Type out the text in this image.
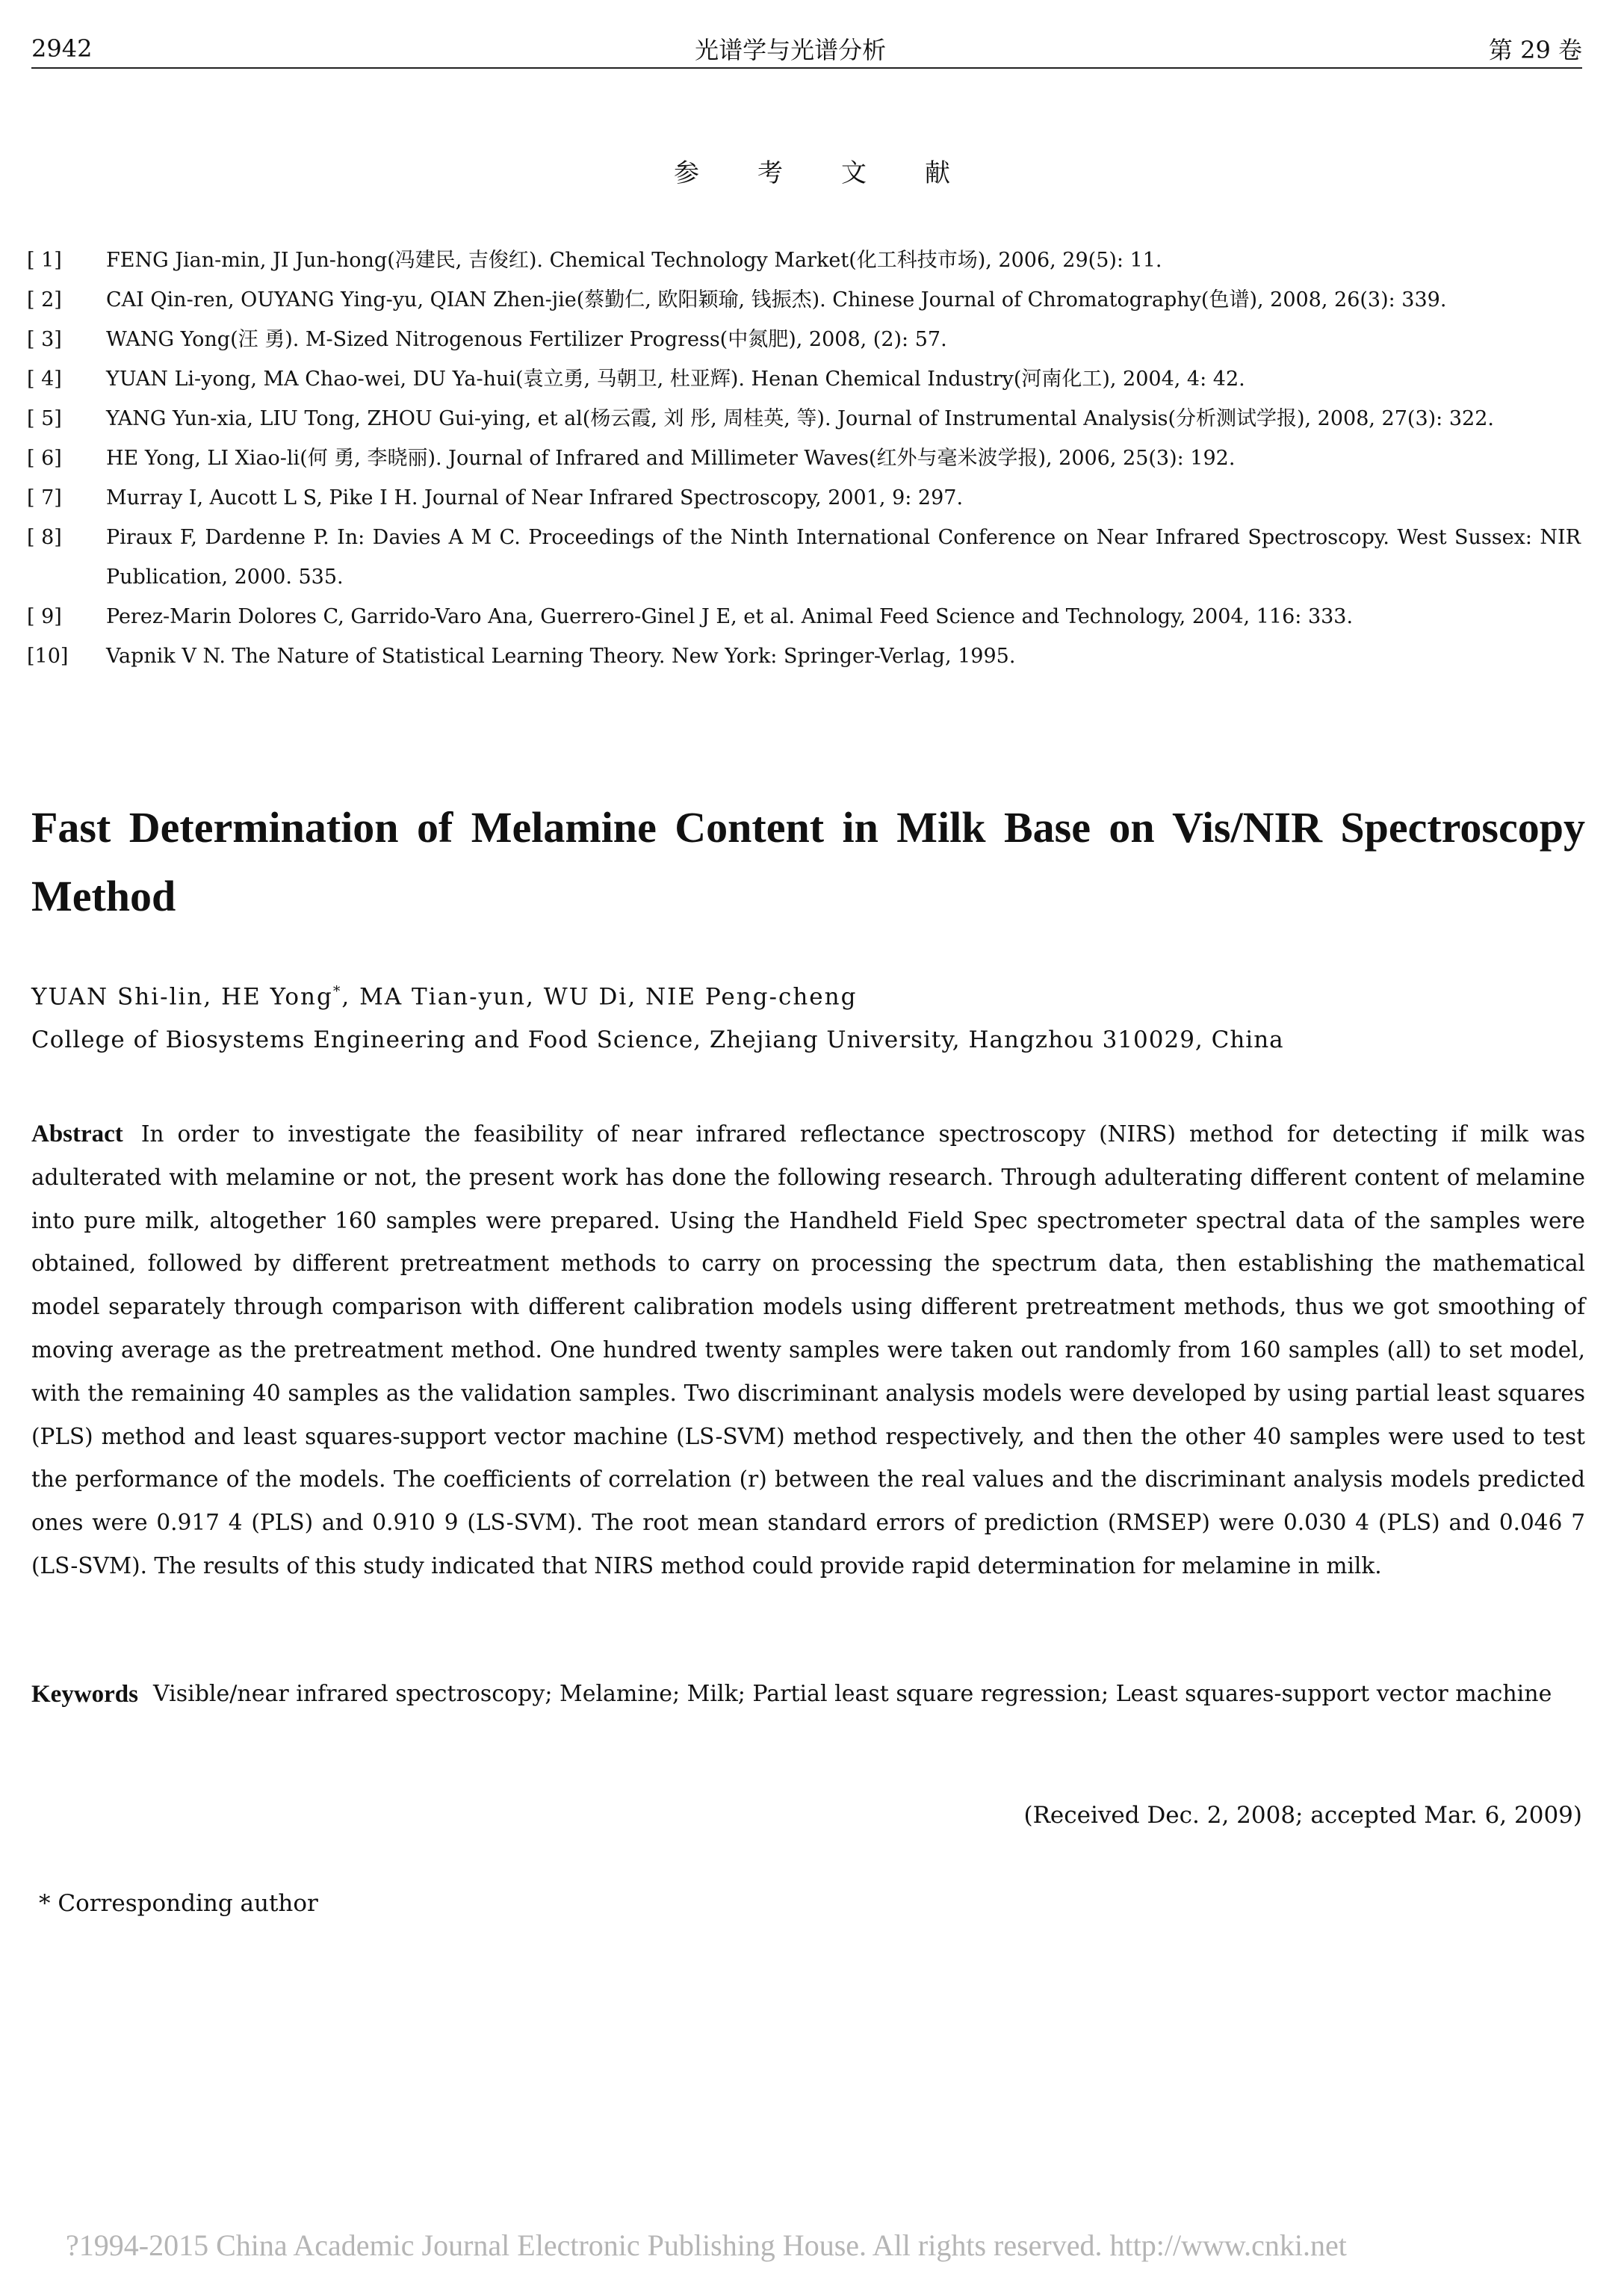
2942	光谱学与光谱分析	第 29 卷
参考文献
[ 1]	FENG Jian-min, JI Jun-hong(冯建民, 吉俊红). Chemical Technology Market(化工科技市场), 2006, 29(5): 11.
[ 2]	CAI Qin-ren, OUYANG Ying-yu, QIAN Zhen-jie(蔡勤仁, 欧阳颖瑜, 钱振杰). Chinese Journal of Chromatography(色谱), 2008, 26(3): 339.
[ 3]	WANG Yong(汪 勇). M-Sized Nitrogenous Fertilizer Progress(中氮肥), 2008, (2): 57.
[ 4]	YUAN Li-yong, MA Chao-wei, DU Ya-hui(袁立勇, 马朝卫, 杜亚辉). Henan Chemical Industry(河南化工), 2004, 4: 42.
[ 5]	YANG Yun-xia, LIU Tong, ZHOU Gui-ying, et al(杨云霞, 刘 彤, 周桂英, 等). Journal of Instrumental Analysis(分析测试学报), 2008, 27(3): 322.
[ 6]	HE Yong, LI Xiao-li(何 勇, 李晓丽). Journal of Infrared and Millimeter Waves(红外与毫米波学报), 2006, 25(3): 192.
[ 7]	Murray I, Aucott L S, Pike I H. Journal of Near Infrared Spectroscopy, 2001, 9: 297.
[ 8]	Piraux F, Dardenne P. In: Davies A M C. Proceedings of the Ninth International Conference on Near Infrared Spectroscopy. West Sussex: NIR Publication, 2000. 535.
[ 9]	Perez-Marin Dolores C, Garrido-Varo Ana, Guerrero-Ginel J E, et al. Animal Feed Science and Technology, 2004, 116: 333.
[10]	Vapnik V N. The Nature of Statistical Learning Theory. New York: Springer-Verlag, 1995.
Fast Determination of Melamine Content in Milk Base on Vis/NIR Spectroscopy Method
YUAN Shi-lin, HE Yong*, MA Tian-yun, WU Di, NIE Peng-cheng
College of Biosystems Engineering and Food Science, Zhejiang University, Hangzhou 310029, China
Abstract In order to investigate the feasibility of near infrared reflectance spectroscopy (NIRS) method for detecting if milk was adulterated with melamine or not, the present work has done the following research. Through adulterating different content of melamine into pure milk, altogether 160 samples were prepared. Using the Handheld Field Spec spectrometer spectral data of the samples were obtained, followed by different pretreatment methods to carry on processing the spectrum data, then establishing the mathematical model separately through comparison with different calibration models using different pretreatment methods, thus we got smoothing of moving average as the pretreatment method. One hundred twenty samples were taken out randomly from 160 samples (all) to set model, with the remaining 40 samples as the validation samples. Two discriminant analysis models were developed by using partial least squares (PLS) method and least squares-support vector machine (LS-SVM) method respectively, and then the other 40 samples were used to test the performance of the models. The coefficients of correlation (r) between the real values and the discriminant analysis models predicted ones were 0.917 4 (PLS) and 0.910 9 (LS-SVM). The root mean standard errors of prediction (RMSEP) were 0.030 4 (PLS) and 0.046 7 (LS-SVM). The results of this study indicated that NIRS method could provide rapid determination for melamine in milk.
Keywords Visible/near infrared spectroscopy; Melamine; Milk; Partial least square regression; Least squares-support vector machine
(Received Dec. 2, 2008; accepted Mar. 6, 2009)
* Corresponding author
?1994-2015 China Academic Journal Electronic Publishing House. All rights reserved. http://www.cnki.net
